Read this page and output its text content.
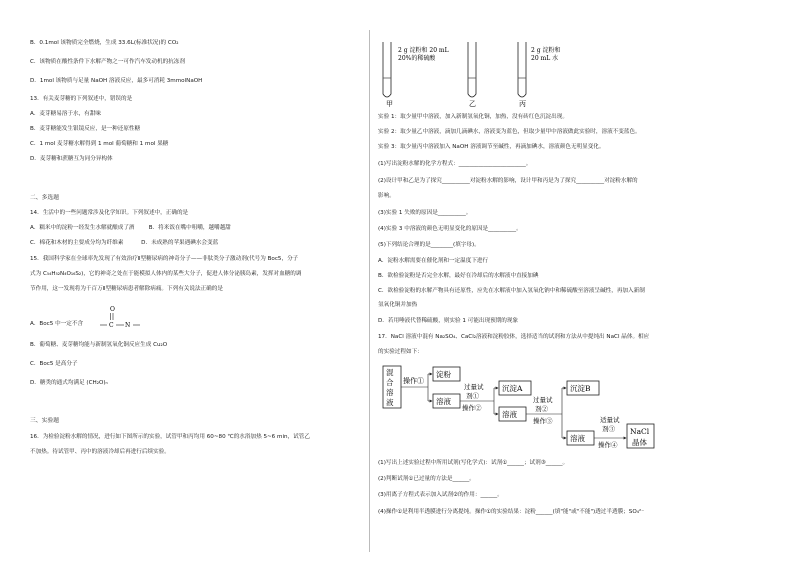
B．0.1mol 该物质完全燃烧，生成 33.6L(标准状况)的 CO₂
C．该物质在酸性条件下水解产物之一可作汽车发动机的抗冻剂
D．1mol 该物质与足量 NaOH 溶液反应，最多可消耗 3mmolNaOH
13．有关麦芽糖的下列叙述中，错误的是
A．麦芽糖易溶于水，有甜味
B．麦芽糖能发生银镜反应，是一种还原性糖
C．1 mol 麦芽糖水解得到 1 mol 葡萄糖和 1 mol 果糖
D．麦芽糖和蔗糖互为同分异构体
二、多选题
14．生活中的一些问题常涉及化学知识。下列叙述中，正确的是
A．糯米中的淀粉一经发生水解就酿成了酒        B．将米饭在嘴中咀嚼，越嚼越甜
C．棉花和木材的主要成分均为纤维素          D．未成熟的苹果遇碘水会变蓝
15．我国科学家在全球率先发现了有效治疗Ⅱ型糖尿病的神奇分子——非肽类分子激动剂(代号为 Boc5，分子
式为 C₅₄H₅₂N₄O₁₆S₂)，它的神奇之处在于能模拟人体内的某些大分子，促进人体分泌胰岛素，发挥对血糖的调
节作用，这一发现将为千百万Ⅱ型糖尿病患者解除病痛。下列有关说法正确的是
O
C N
A．Boc5 中一定不含
B．葡萄糖、麦芽糖均能与新制氢氧化铜反应生成 Cu₂O
C．Boc5 是高分子
D．糖类的通式均满足 (CH₂O)ₙ
三、实验题
16．为检验淀粉水解的情况，进行如下图所示的实验，试管甲和丙均用 60~80 ℃的水浴加热 5~6 min，试管乙
不加热。待试管甲、丙中的溶液冷却后再进行后续实验。
甲
2 g 淀粉和 20 mL
20%的稀硫酸
乙	丙
2 g 淀粉和
20 mL 水
实验 1：取少量甲中溶液，加入新制氢氧化铜，加热，没有砖红色沉淀出现。
实验 2：取少量乙中溶液，滴加几滴碘水，溶液变为蓝色，但取少量甲中溶液做此实验时，溶液不变蓝色。
实验 3：取少量丙中溶液加入 NaOH 溶液调节至碱性，再滴加碘水，溶液颜色无明显变化。
(1)写出淀粉水解的化学方程式：________________________。
(2)设计甲和乙是为了探究__________对淀粉水解的影响，设计甲和丙是为了探究__________对淀粉水解的
影响。
(3)实验 1 失败的原因是__________。
(4)实验 3 中溶液的颜色无明显变化的原因是__________。
(5)下列结论合理的是________(填字母)。
A．淀粉水解需要在催化剂和一定温度下进行
B．欲检验淀粉是否完全水解，最好在冷却后的水解液中直接加碘
C．欲检验淀粉的水解产物具有还原性，应先在水解液中加入氢氧化钠中和稀硫酸至溶液呈碱性，再加入新制
氢氧化铜并加热
D．若用唾液代替稀硫酸，则实验 1 可能出现预期的现象
17．NaCl 溶液中混有 Na₂SO₄、CaCl₂溶液和淀粉胶体，选择适当的试剂和方法从中提纯出 NaCl 晶体。相应
的实验过程如下：
混
合
溶
液
操作①
淀粉
溶液
过量试
剂①
操作②
沉淀A
溶液
过量试
剂②
操作③
沉淀B
溶液
适量试
剂③
操作④
NaCl
晶体
(1)写出上述实验过程中所用试剂(写化学式)：试剂①______；试剂③______。
(2)判断试剂①已过量的方法是______。
(3)用离子方程式表示加入试剂②的作用：______。
(4)操作①是利用半透膜进行分离提纯。操作①的实验结果：淀粉______(填"能"或"不能")透过半透膜；SO₄²⁻
